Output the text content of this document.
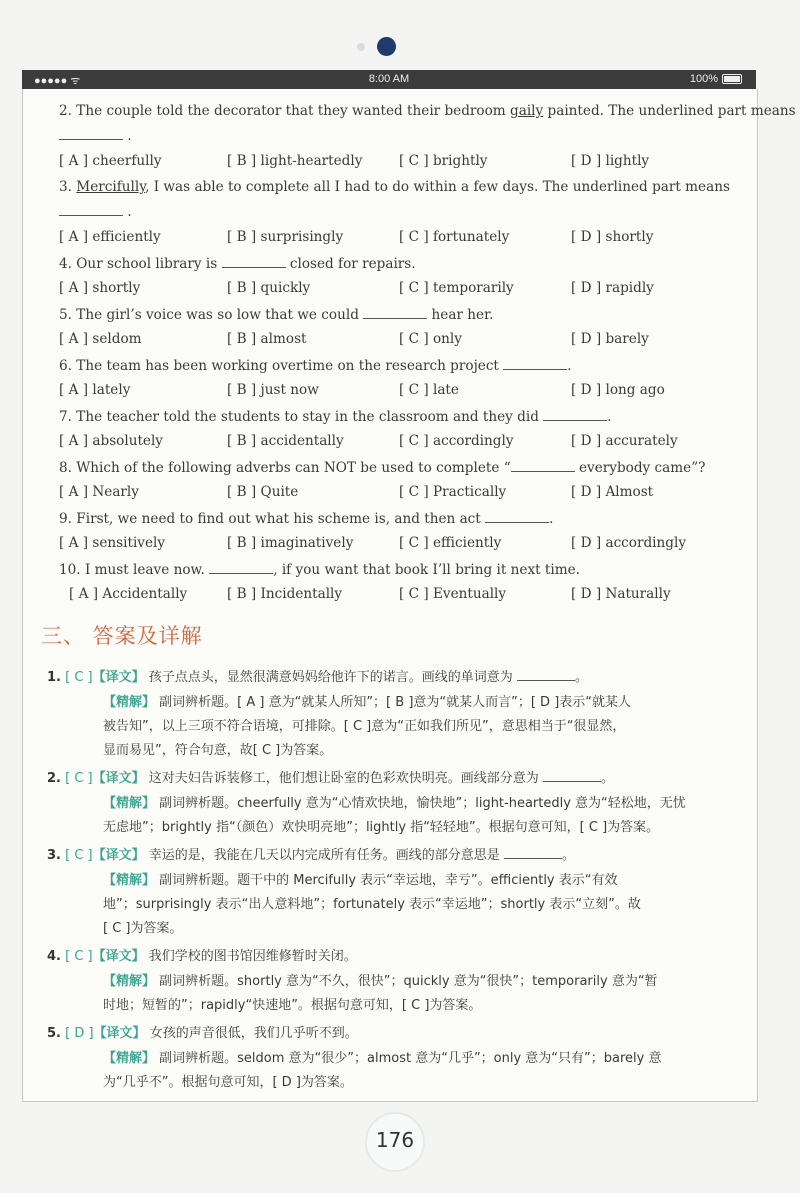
●●●●● ᯤ	8:00 AM	100%
2. The couple told the decorator that they wanted their bedroom gaily painted. The underlined part means
.
[ A ] cheerfully	[ B ] light-heartedly	[ C ] brightly	[ D ] lightly
3. Mercifully, I was able to complete all I had to do within a few days. The underlined part means
.
[ A ] efficiently	[ B ] surprisingly	[ C ] fortunately	[ D ] shortly
4. Our school library is	closed for repairs.
[ A ] shortly	[ B ] quickly	[ C ] temporarily	[ D ] rapidly
5. The girl’s voice was so low that we could	hear her.
[ A ] seldom	[ B ] almost	[ C ] only	[ D ] barely
6. The team has been working overtime on the research project	.
[ A ] lately	[ B ] just now	[ C ] late	[ D ] long ago
7. The teacher told the students to stay in the classroom and they did	.
[ A ] absolutely	[ B ] accidentally	[ C ] accordingly	[ D ] accurately
8. Which of the following adverbs can NOT be used to complete “	everybody came”?
[ A ] Nearly	[ B ] Quite	[ C ] Practically	[ D ] Almost
9. First, we need to find out what his scheme is, and then act	.
[ A ] sensitively	[ B ] imaginatively	[ C ] efficiently	[ D ] accordingly
10. I must leave now.	, if you want that book I’ll bring it next time.
[ A ] Accidentally	[ B ] Incidentally	[ C ] Eventually	[ D ] Naturally
三、 答案及详解
1. [ C ]【译文】 孩子点点头，显然很满意妈妈给他许下的诺言。画线的单词意为	。
【精解】 副词辨析题。[ A ] 意为“就某人所知”；[ B ]意为“就某人而言”；[ D ]表示“就某人
被告知”，以上三项不符合语境，可排除。[ C ]意为“正如我们所见”，意思相当于“很显然，
显而易见”，符合句意，故[ C ]为答案。
2. [ C ]【译文】 这对夫妇告诉装修工，他们想让卧室的色彩欢快明亮。画线部分意为	。
【精解】 副词辨析题。cheerfully 意为“心情欢快地，愉快地”；light-heartedly 意为“轻松地，无忧
无虑地”；brightly 指“（颜色）欢快明亮地”；lightly 指“轻轻地”。根据句意可知，[ C ]为答案。
3. [ C ]【译文】 幸运的是，我能在几天以内完成所有任务。画线的部分意思是	。
【精解】 副词辨析题。题干中的 Mercifully 表示“幸运地，幸亏”。efficiently 表示“有效
地”；surprisingly 表示“出人意料地”；fortunately 表示“幸运地”；shortly 表示“立刻”。故
[ C ]为答案。
4. [ C ]【译文】 我们学校的图书馆因维修暂时关闭。
【精解】 副词辨析题。shortly 意为“不久，很快”；quickly 意为“很快”；temporarily 意为“暂
时地；短暂的”；rapidly“快速地”。根据句意可知，[ C ]为答案。
5. [ D ]【译文】 女孩的声音很低，我们几乎听不到。
【精解】 副词辨析题。seldom 意为“很少”；almost 意为“几乎”；only 意为“只有”；barely 意
为“几乎不”。根据句意可知，[ D ]为答案。
176
